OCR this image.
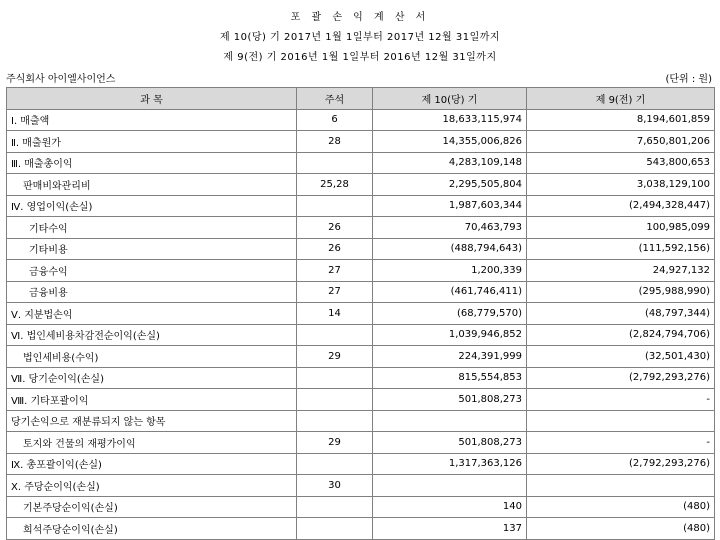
포 괄 손 익 계 산 서
제 10(당) 기 2017년 1월 1일부터 2017년 12월 31일까지
제 9(전) 기 2016년 1월 1일부터 2016년 12월 31일까지
주식회사 아이엘사이언스	(단위 : 원)
과 목	주석	제 10(당) 기	제 9(전) 기
Ⅰ. 매출액	6	18,633,115,974	8,194,601,859
Ⅱ. 매출원가	28	14,355,006,826	7,650,801,206
Ⅲ. 매출총이익		4,283,109,148	543,800,653
판매비와관리비	25,28	2,295,505,804	3,038,129,100
Ⅳ. 영업이익(손실)		1,987,603,344	(2,494,328,447)
기타수익	26	70,463,793	100,985,099
기타비용	26	(488,794,643)	(111,592,156)
금융수익	27	1,200,339	24,927,132
금융비용	27	(461,746,411)	(295,988,990)
Ⅴ. 지분법손익	14	(68,779,570)	(48,797,344)
Ⅵ. 법인세비용차감전순이익(손실)		1,039,946,852	(2,824,794,706)
법인세비용(수익)	29	224,391,999	(32,501,430)
Ⅶ. 당기순이익(손실)		815,554,853	(2,792,293,276)
Ⅷ. 기타포괄이익		501,808,273	-
당기손익으로 재분류되지 않는 항목			
토지와 건물의 재평가이익	29	501,808,273	-
Ⅸ. 총포괄이익(손실)		1,317,363,126	(2,792,293,276)
Ⅹ. 주당순이익(손실)	30		
기본주당순이익(손실)		140	(480)
희석주당순이익(손실)		137	(480)
